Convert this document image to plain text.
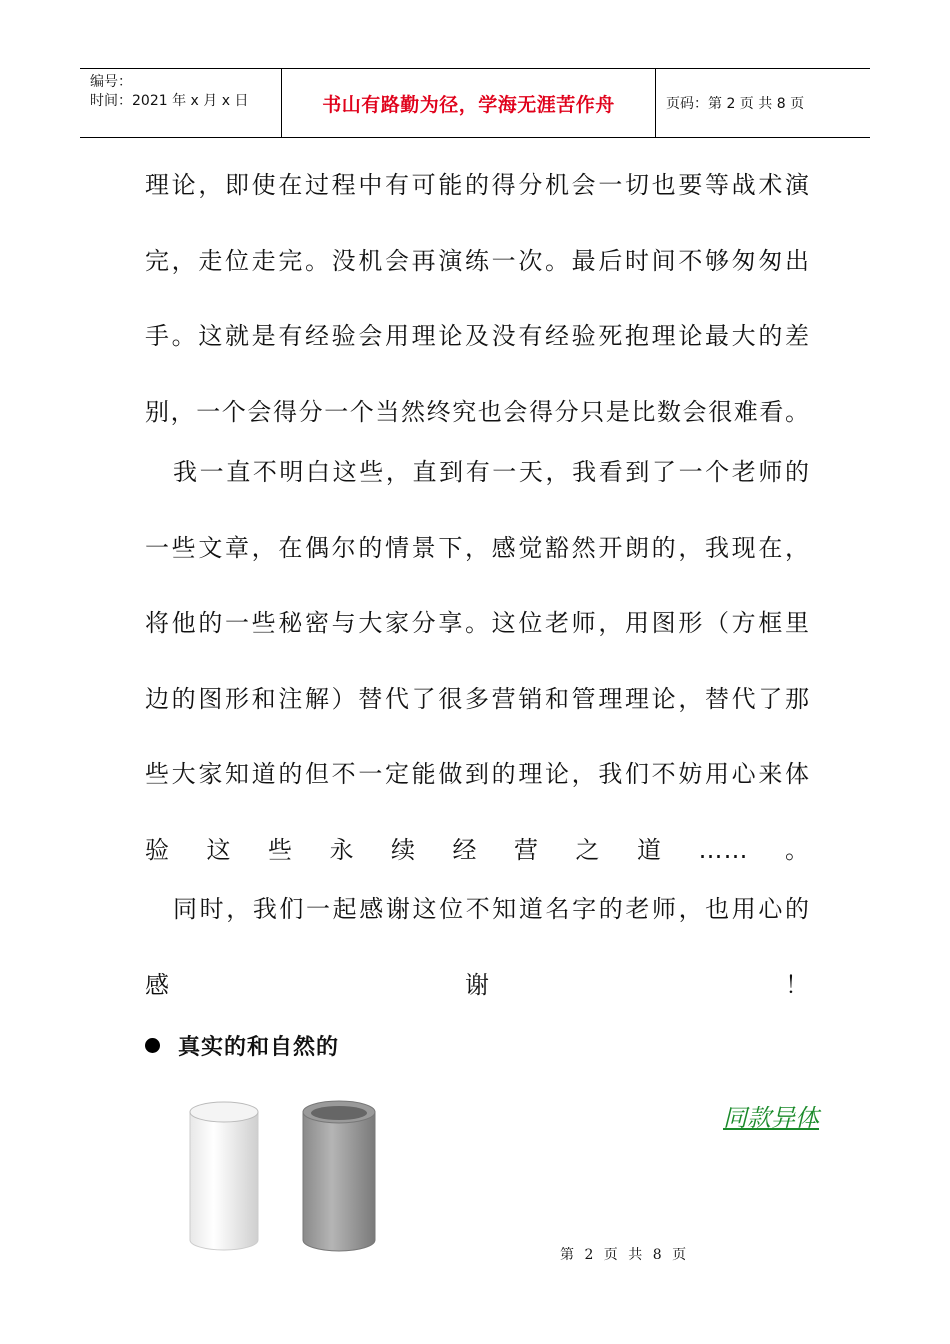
编号：
时间：2021 年 x 月 x 日	书山有路勤为径，学海无涯苦作舟	页码：第 2 页 共 8 页
理论，即使在过程中有可能的得分机会一切也要等战术演
完，走位走完。没机会再演练一次。最后时间不够匆匆出
手。这就是有经验会用理论及没有经验死抱理论最大的差
别，一个会得分一个当然终究也会得分只是比数会很难看。
我一直不明白这些，直到有一天，我看到了一个老师的
一些文章，在偶尔的情景下，感觉豁然开朗的，我现在，
将他的一些秘密与大家分享。这位老师，用图形（方框里
边的图形和注解）替代了很多营销和管理理论，替代了那
些大家知道的但不一定能做到的理论，我们不妨用心来体
验这些永续经营之道……。
同时，我们一起感谢这位不知道名字的老师，也用心的
感谢！
真实的和自然的
同款异体
第 2 页 共 8 页
